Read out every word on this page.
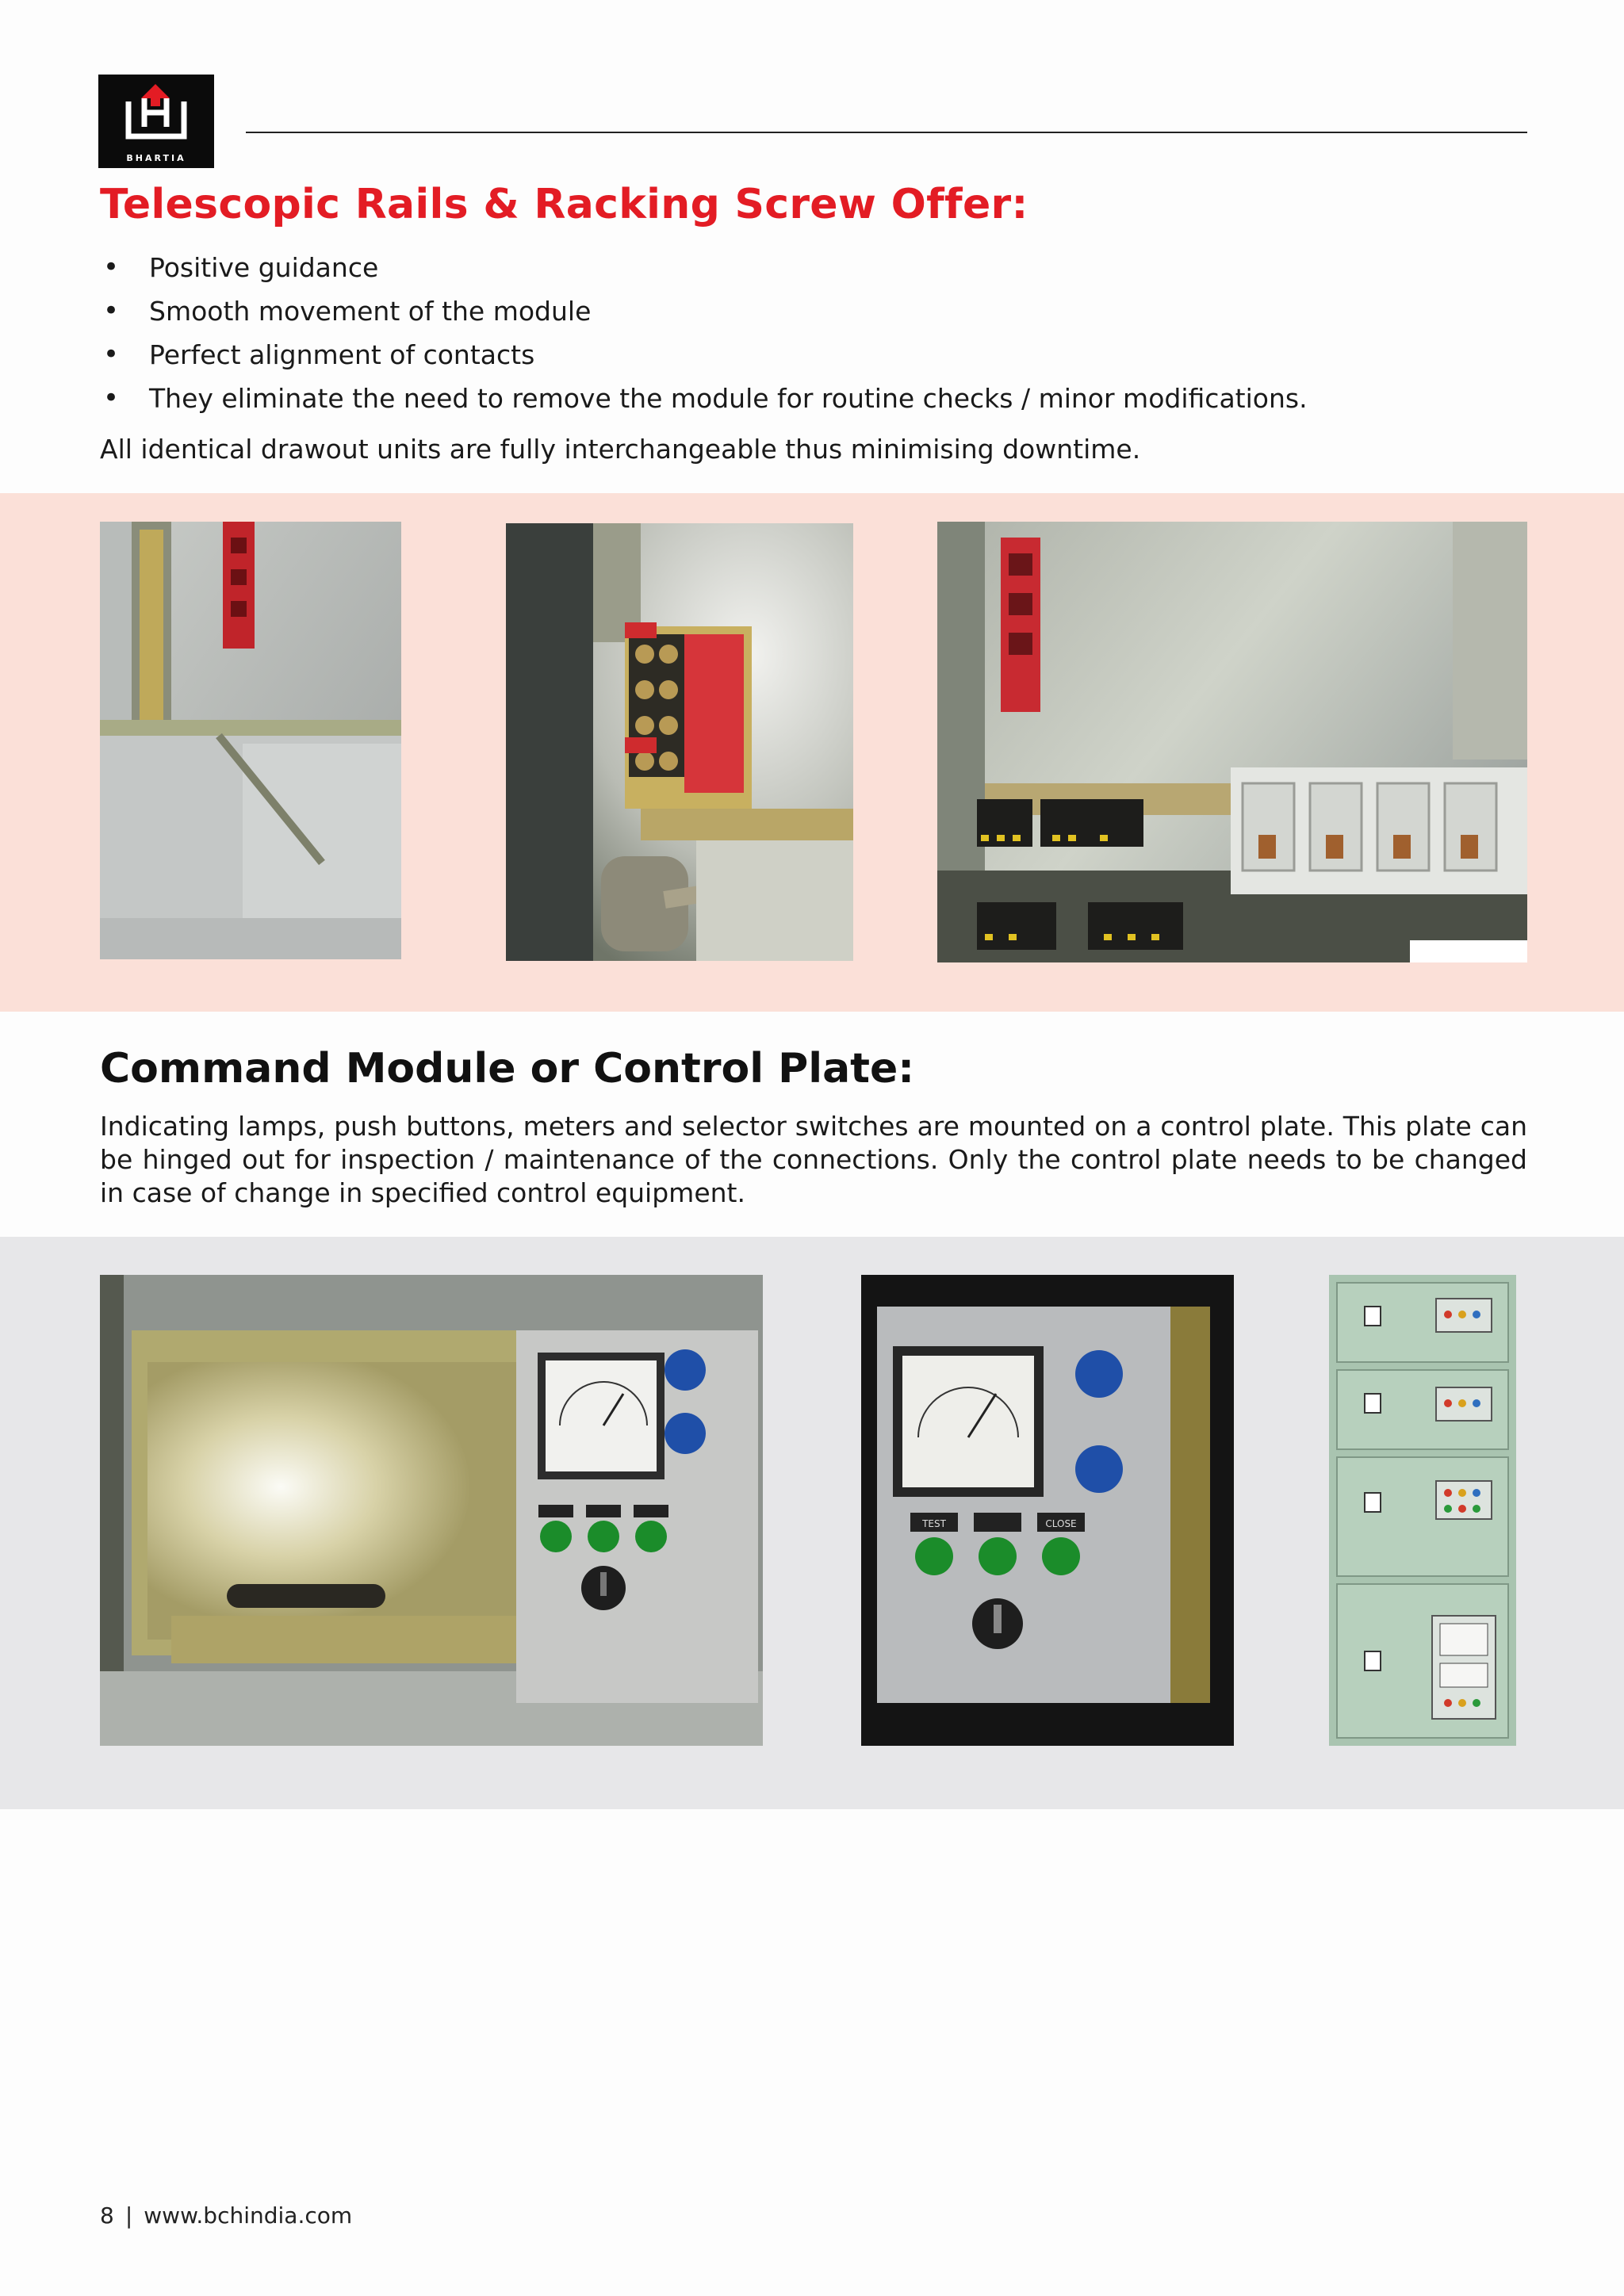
BHARTIA
Telescopic Rails & Racking Screw Offer:
• Positive guidance
• Smooth movement of the module
• Perfect alignment of contacts
• They eliminate the need to remove the module for routine checks / minor modifications.
All identical drawout units are fully interchangeable thus minimising downtime.
Command Module or Control Plate:
Indicating lamps, push buttons, meters and selector switches are mounted on a control plate. This plate can be hinged out for inspection / maintenance of the connections. Only the control plate needs to be changed in case of change in specified control equipment.
TEST	CLOSE
8 | www.bchindia.com
